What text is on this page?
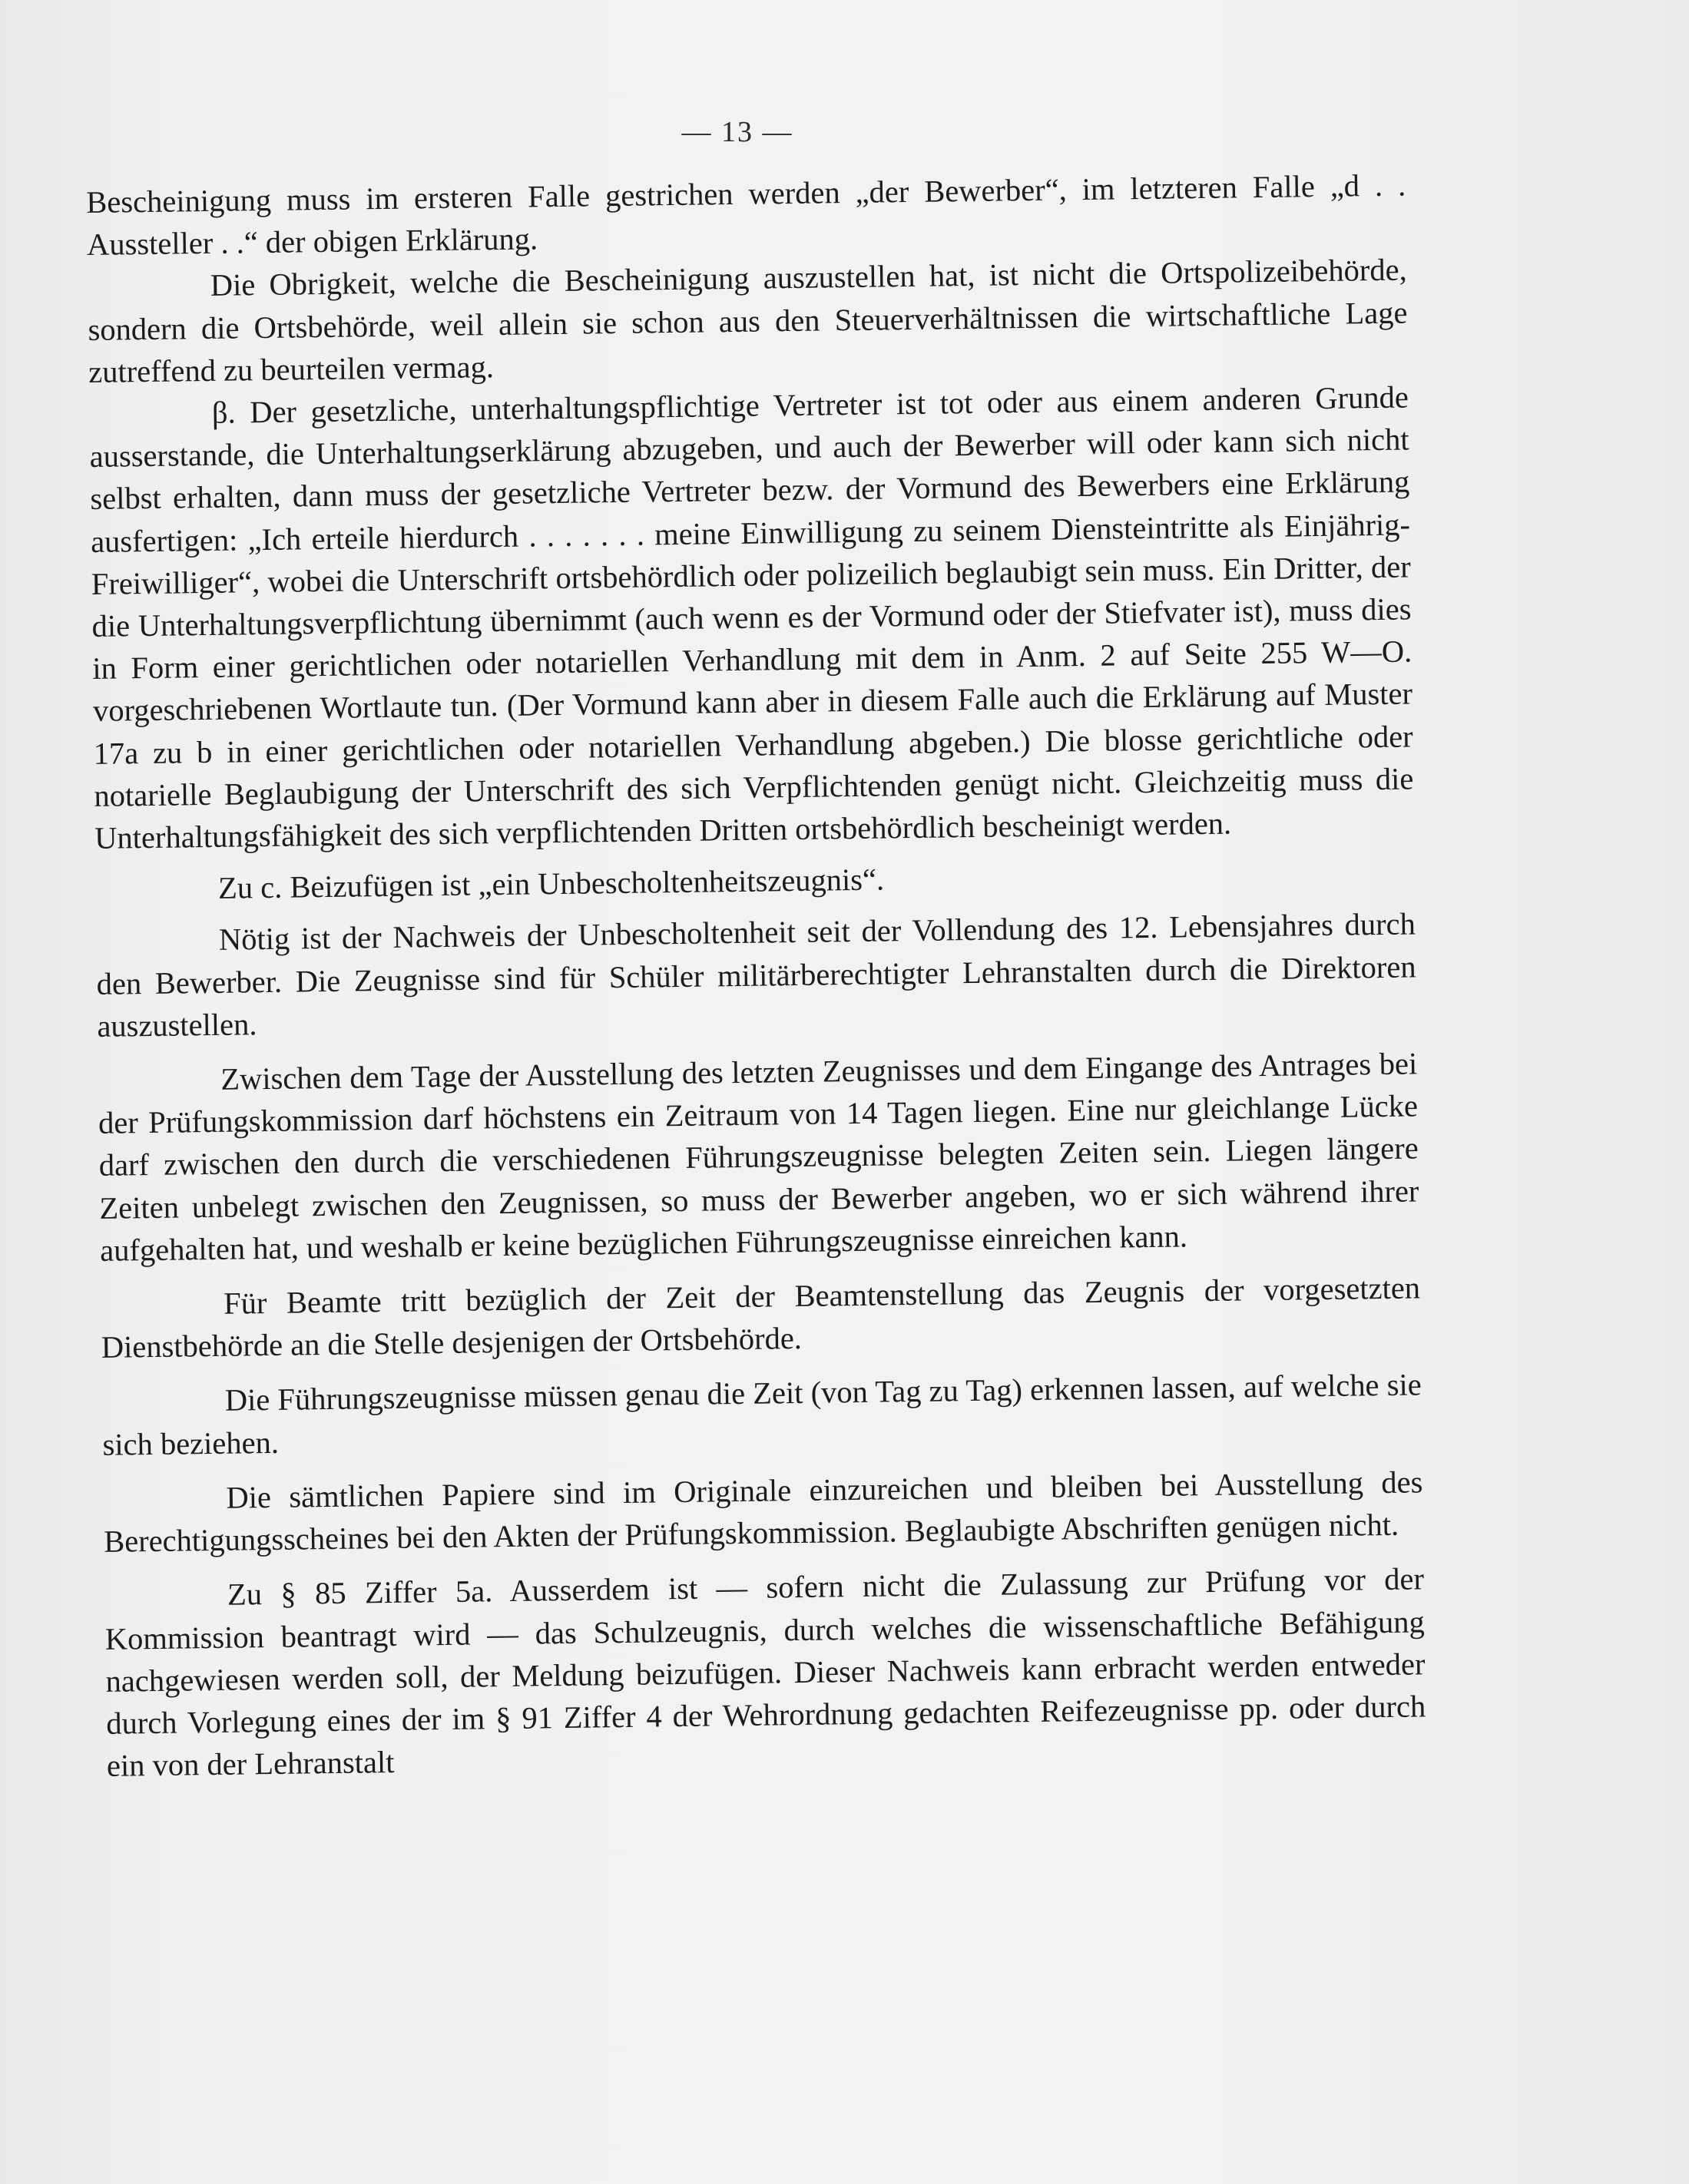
— 13 —

Bescheinigung muss im ersteren Falle gestrichen werden „der Bewerber“, im letzteren Falle „d . . Aussteller . .“ der obigen Erklärung.

Die Obrigkeit, welche die Bescheinigung auszustellen hat, ist nicht die Ortspolizeibehörde, sondern die Ortsbehörde, weil allein sie schon aus den Steuerverhältnissen die wirtschaftliche Lage zutreffend zu beurteilen vermag.

β. Der gesetzliche, unterhaltungspflichtige Vertreter ist tot oder aus einem anderen Grunde ausserstande, die Unterhaltungserklärung abzugeben, und auch der Bewerber will oder kann sich nicht selbst erhalten, dann muss der gesetzliche Vertreter bezw. der Vormund des Bewerbers eine Erklärung ausfertigen: „Ich erteile hierdurch . . . . . . . meine Einwilligung zu seinem Diensteintritte als Einjährig-Freiwilliger“, wobei die Unterschrift ortsbehördlich oder polizeilich beglaubigt sein muss. Ein Dritter, der die Unterhaltungsverpflichtung übernimmt (auch wenn es der Vormund oder der Stiefvater ist), muss dies in Form einer gerichtlichen oder notariellen Verhandlung mit dem in Anm. 2 auf Seite 255 W—O. vorgeschriebenen Wortlaute tun. (Der Vormund kann aber in diesem Falle auch die Erklärung auf Muster 17a zu b in einer gerichtlichen oder notariellen Verhandlung abgeben.) Die blosse gerichtliche oder notarielle Beglaubigung der Unterschrift des sich Verpflichtenden genügt nicht. Gleichzeitig muss die Unterhaltungsfähigkeit des sich verpflichtenden Dritten ortsbehördlich bescheinigt werden.

Zu c. Beizufügen ist „ein Unbescholtenheitszeugnis“.

Nötig ist der Nachweis der Unbescholtenheit seit der Vollendung des 12. Lebensjahres durch den Bewerber. Die Zeugnisse sind für Schüler militärberechtigter Lehranstalten durch die Direktoren auszustellen.

Zwischen dem Tage der Ausstellung des letzten Zeugnisses und dem Eingange des Antrages bei der Prüfungskommission darf höchstens ein Zeitraum von 14 Tagen liegen. Eine nur gleichlange Lücke darf zwischen den durch die verschiedenen Führungszeugnisse belegten Zeiten sein. Liegen längere Zeiten unbelegt zwischen den Zeugnissen, so muss der Bewerber angeben, wo er sich während ihrer aufgehalten hat, und weshalb er keine bezüglichen Führungszeugnisse einreichen kann.

Für Beamte tritt bezüglich der Zeit der Beamtenstellung das Zeugnis der vorgesetzten Dienstbehörde an die Stelle desjenigen der Ortsbehörde.

Die Führungszeugnisse müssen genau die Zeit (von Tag zu Tag) erkennen lassen, auf welche sie sich beziehen.

Die sämtlichen Papiere sind im Originale einzureichen und bleiben bei Ausstellung des Berechtigungsscheines bei den Akten der Prüfungskommission. Beglaubigte Abschriften genügen nicht.

Zu § 85 Ziffer 5a. Ausserdem ist — sofern nicht die Zulassung zur Prüfung vor der Kommission beantragt wird — das Schulzeugnis, durch welches die wissenschaftliche Befähigung nachgewiesen werden soll, der Meldung beizufügen. Dieser Nachweis kann erbracht werden entweder durch Vorlegung eines der im § 91 Ziffer 4 der Wehrordnung gedachten Reifezeugnisse pp. oder durch ein von der Lehranstalt
